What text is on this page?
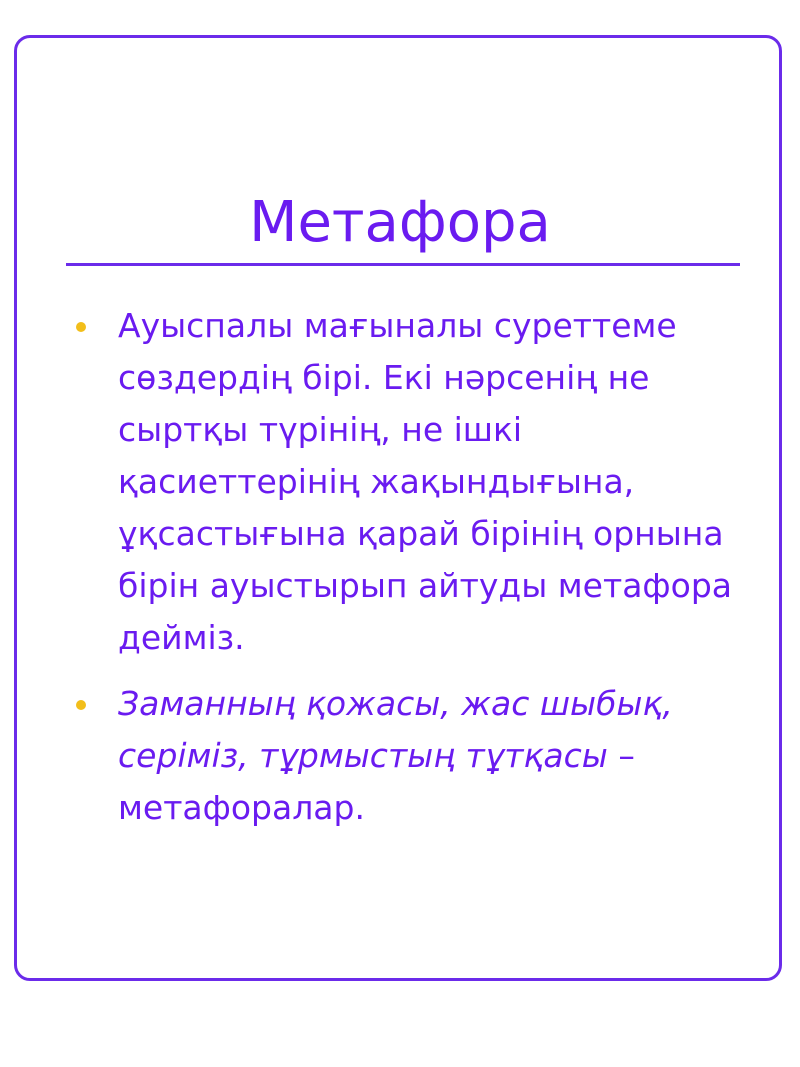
Метафора
Ауыспалы мағыналы суреттеме сөздердің бірі. Екі нәрсенің не сыртқы түрінің, не ішкі қасиеттерінің жақындығына, ұқсастығына қарай бірінің орнына бірін ауыстырып айтуды метафора дейміз.
Заманның қожасы, жас шыбық, серіміз, тұрмыстың тұтқасы – метафоралар.
